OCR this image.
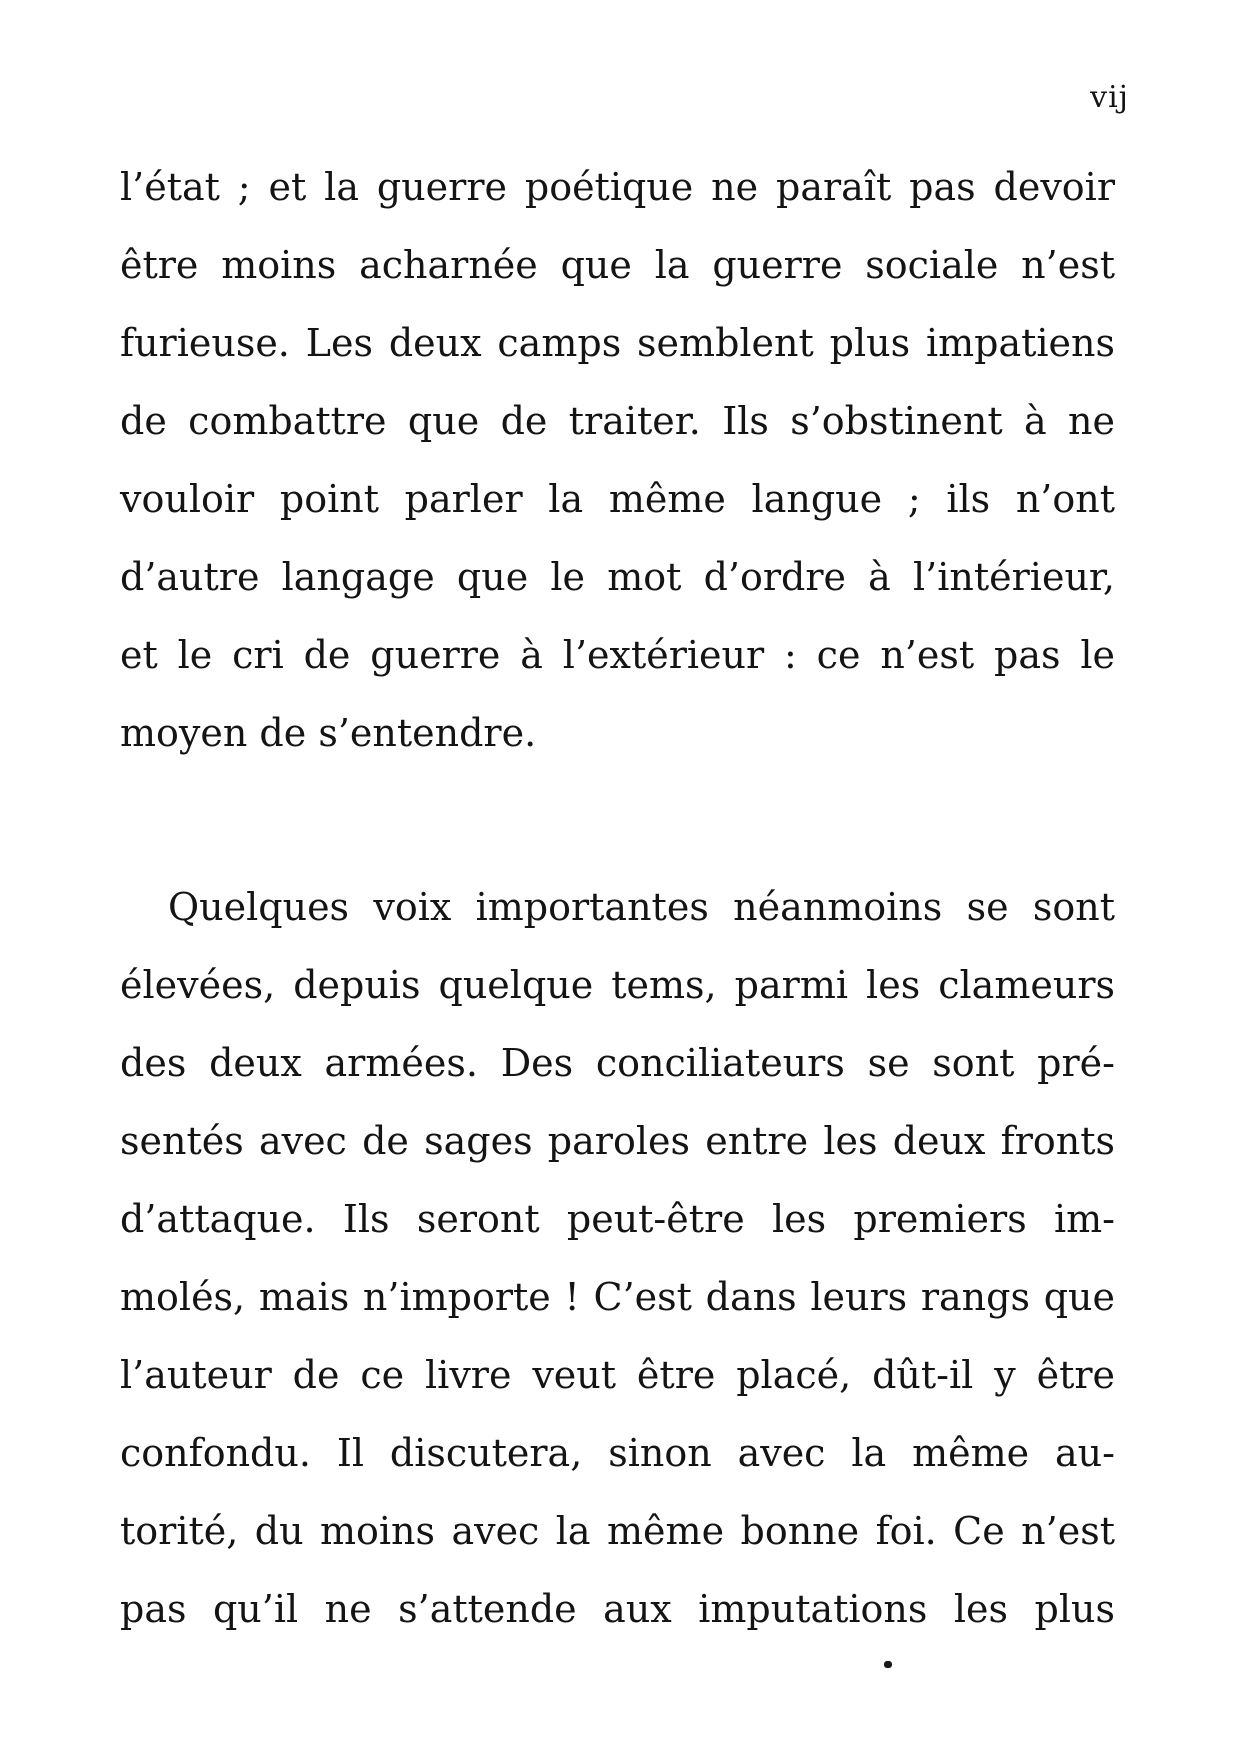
vij
l’état ; et la guerre poétique ne paraît pas devoir
être moins acharnée que la guerre sociale n’est
furieuse. Les deux camps semblent plus impatiens
de combattre que de traiter. Ils s’obstinent à ne
vouloir point parler la même langue ; ils n’ont
d’autre langage que le mot d’ordre à l’intérieur,
et le cri de guerre à l’extérieur : ce n’est pas le
moyen de s’entendre.
Quelques voix importantes néanmoins se sont
élevées, depuis quelque tems, parmi les clameurs
des deux armées. Des conciliateurs se sont pré-
sentés avec de sages paroles entre les deux fronts
d’attaque. Ils seront peut-être les premiers im-
molés, mais n’importe ! C’est dans leurs rangs que
l’auteur de ce livre veut être placé, dût-il y être
confondu. Il discutera, sinon avec la même au-
torité, du moins avec la même bonne foi. Ce n’est
pas qu’il ne s’attende aux imputations les plus
